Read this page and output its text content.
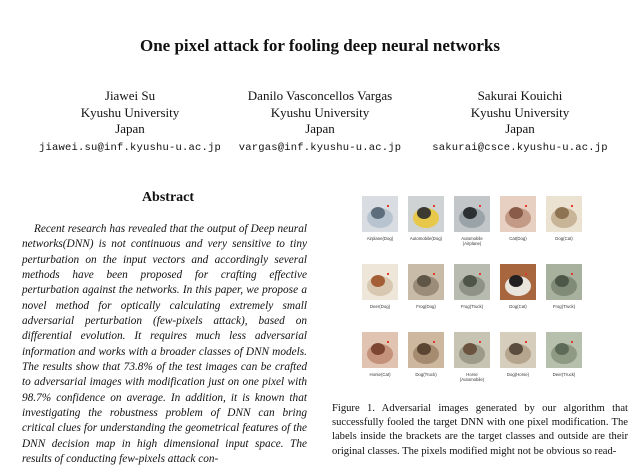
One pixel attack for fooling deep neural networks
Jiawei Su
Kyushu University
Japan
jiawei.su@inf.kyushu-u.ac.jp
Danilo Vasconcellos Vargas
Kyushu University
Japan
vargas@inf.kyushu-u.ac.jp
Sakurai Kouichi
Kyushu University
Japan
sakurai@csce.kyushu-u.ac.jp
Abstract
Recent research has revealed that the output of Deep neural networks(DNN) is not continuous and very sensitive to tiny perturbation on the input vectors and accordingly several methods have been proposed for crafting effective perturbation against the networks. In this paper, we propose a novel method for optically calculating extremely small adversarial perturbation (few-pixels attack), based on differential evolution. It requires much less adversarial information and works with a broader classes of DNN models. The results show that 73.8% of the test images can be crafted to adversarial images with modification just on one pixel with 98.7% confidence on average. In addition, it is known that investigating the robustness problem of DNN can bring critical clues for understanding the geometrical features of the DNN decision map in high dimensional input space. The results of conducting few-pixels attack con-
Airplane(Dog)	Automobile(Dog)	Automobile
(Airplane)
Cat(Dog)	Dog(Cat)
Deer(Dog)	Frog(Dog)	Frog(Truck)	Dog(Cat)	Frog(Truck)
Horse(Cat)	Dog(Truck)	Horse
(Automobile)
Dog(Horse)	Deer(Truck)
Figure 1. Adversarial images generated by our algorithm that successfully fooled the target DNN with one pixel modification. The labels inside the brackets are the target classes and outside are their original classes. The pixels modified might not be obvious so read-
